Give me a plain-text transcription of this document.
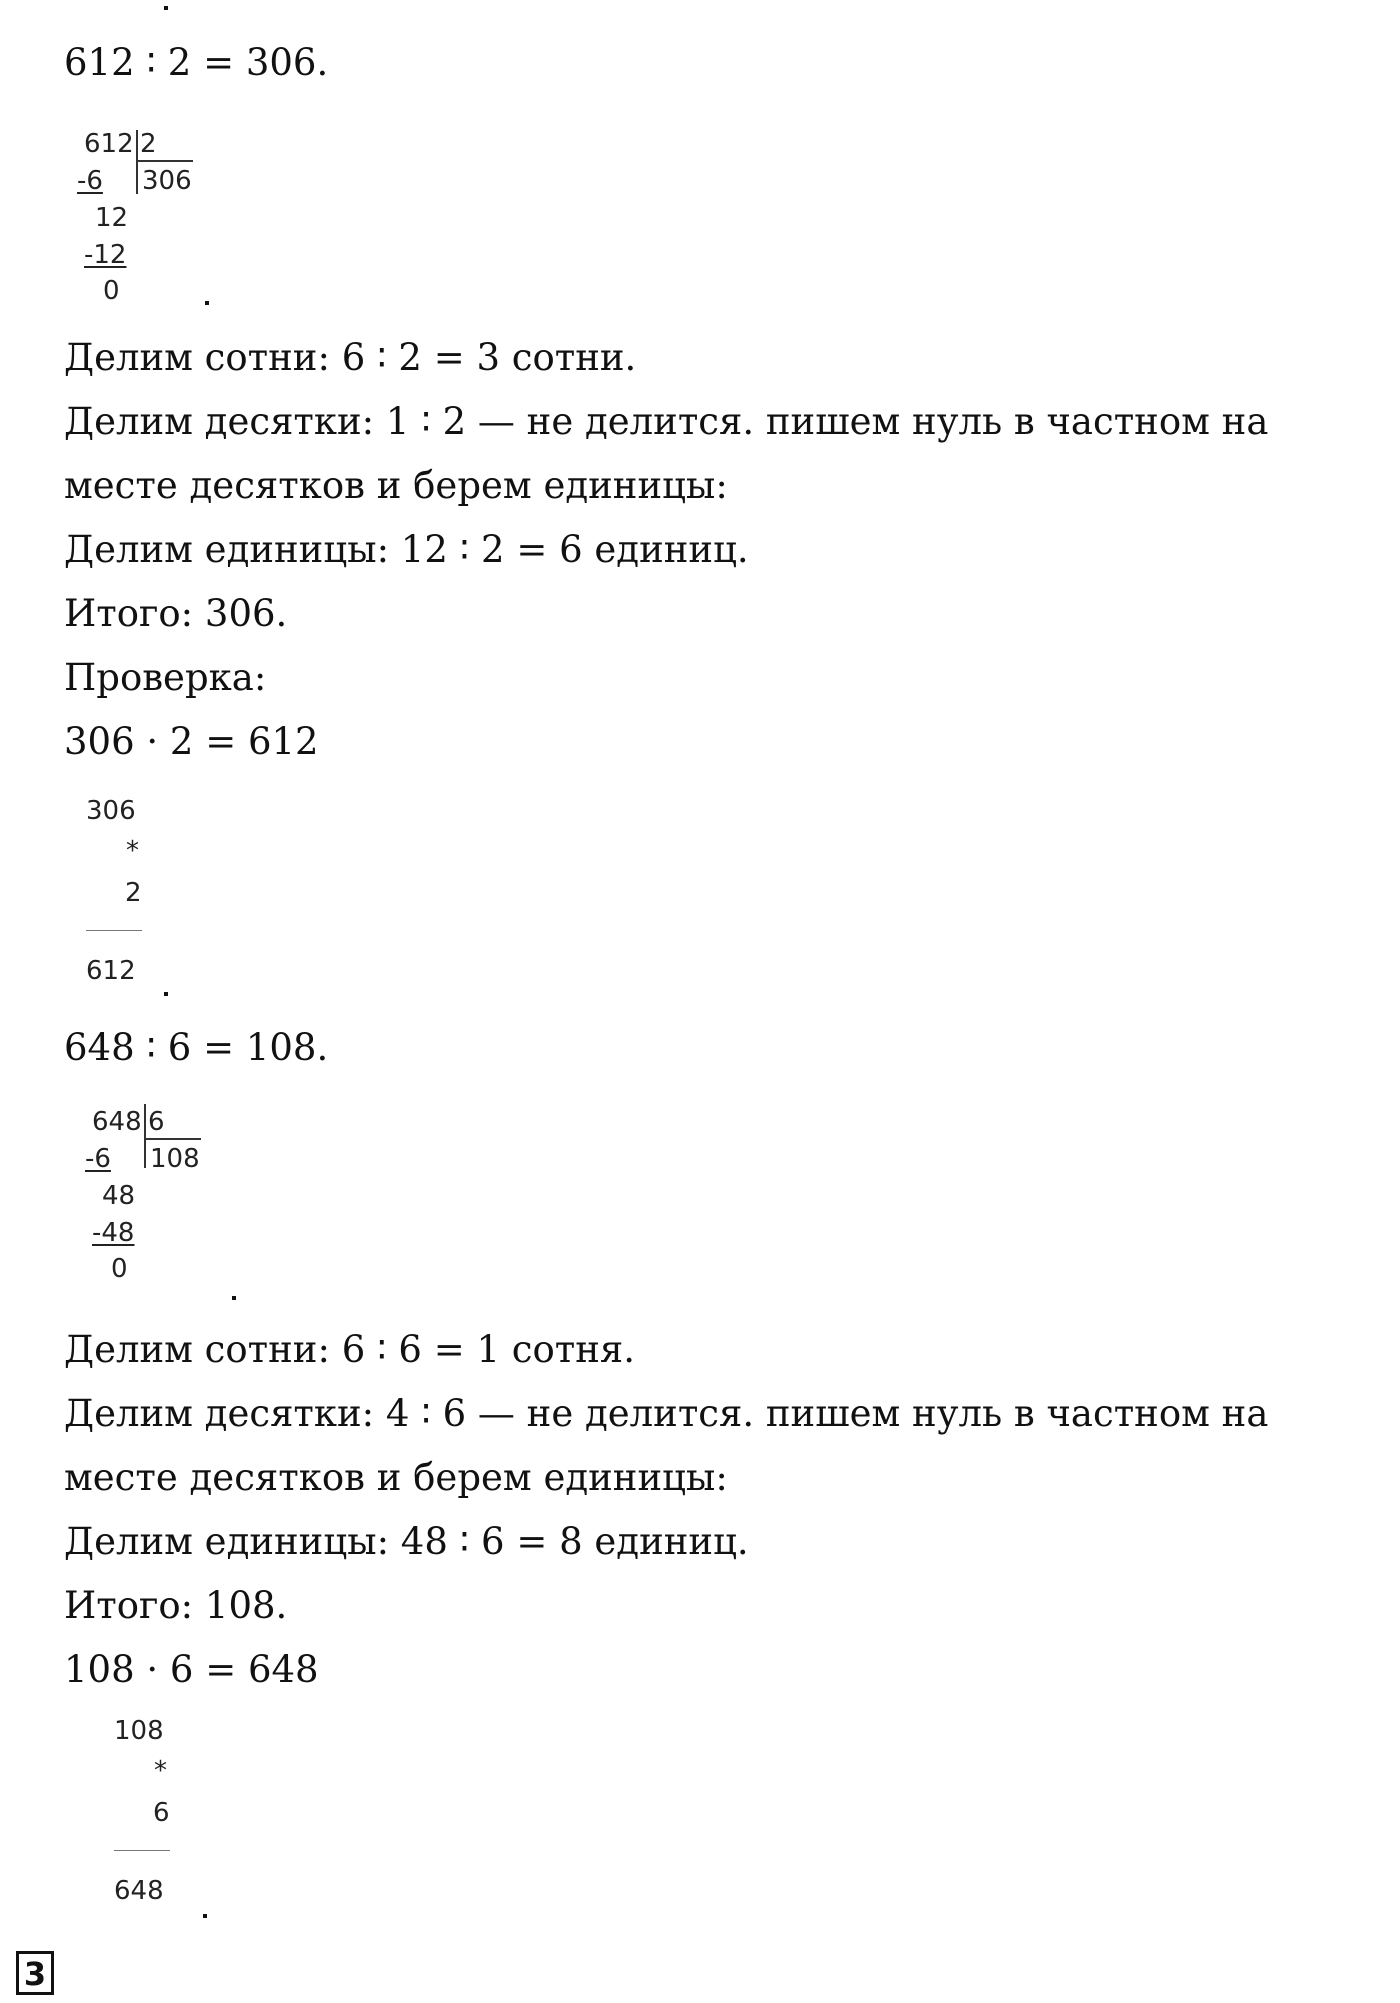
612 ∶ 2 = 306.

612 2
306
-6
12
-12
0

Делим сотни: 6 ∶ 2 = 3 сотни.

Делим десятки: 1 ∶ 2 — не делится. пишем нуль в частном на

месте десятков и берем единицы:

Делим единицы: 12 ∶ 2 = 6 единиц.

Итого: 306.

Проверка:

306 · 2 = 612

306
*
2
612

648 ∶ 6 = 108.

648 6
108
-6
48
-48
0

Делим сотни: 6 ∶ 6 = 1 сотня.

Делим десятки: 4 ∶ 6 — не делится. пишем нуль в частном на

месте десятков и берем единицы:

Делим единицы: 48 ∶ 6 = 8 единиц.

Итого: 108.

108 · 6 = 648

108
*
6
648
3
